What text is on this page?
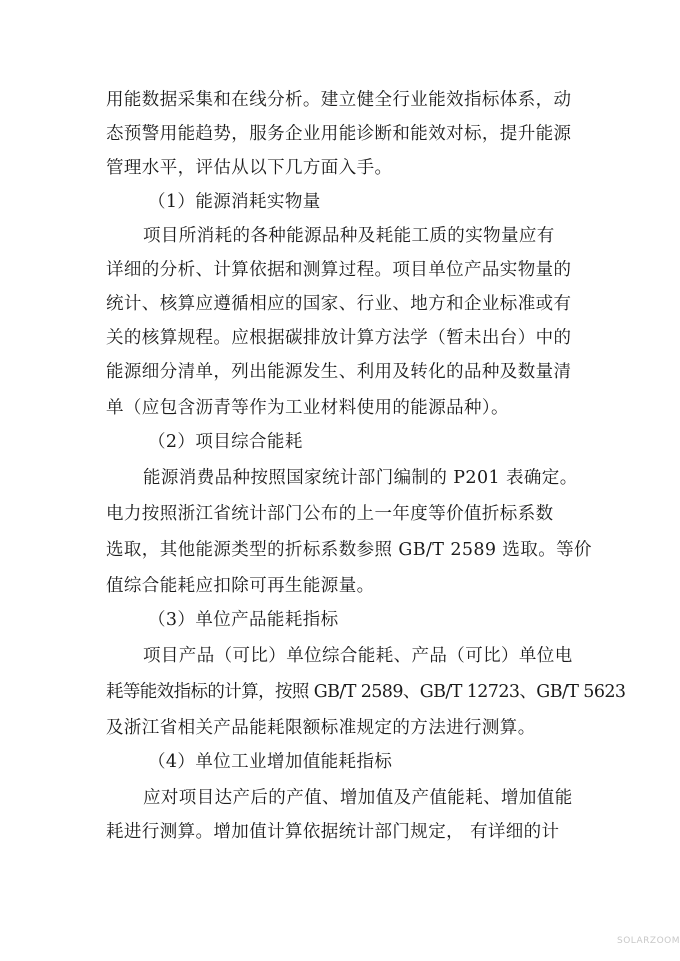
用能数据采集和在线分析。建立健全行业能效指标体系，动
态预警用能趋势，服务企业用能诊断和能效对标，提升能源
管理水平，评估从以下几方面入手。
（1）能源消耗实物量
项目所消耗的各种能源品种及耗能工质的实物量应有
详细的分析、计算依据和测算过程。项目单位产品实物量的
统计、核算应遵循相应的国家、行业、地方和企业标准或有
关的核算规程。应根据碳排放计算方法学（暂未出台）中的
能源细分清单，列出能源发生、利用及转化的品种及数量清
单（应包含沥青等作为工业材料使用的能源品种）。
（2）项目综合能耗
能源消费品种按照国家统计部门编制的 P201 表确定。
电力按照浙江省统计部门公布的上一年度等价值折标系数
选取，其他能源类型的折标系数参照 GB/T 2589 选取。等价
值综合能耗应扣除可再生能源量。
（3）单位产品能耗指标
项目产品（可比）单位综合能耗、产品（可比）单位电
耗等能效指标的计算，按照 GB/T 2589、GB/T 12723、GB/T 5623
及浙江省相关产品能耗限额标准规定的方法进行测算。
（4）单位工业增加值能耗指标
应对项目达产后的产值、增加值及产值能耗、增加值能
耗进行测算。增加值计算依据统计部门规定， 有详细的计
SOLARZOOM
